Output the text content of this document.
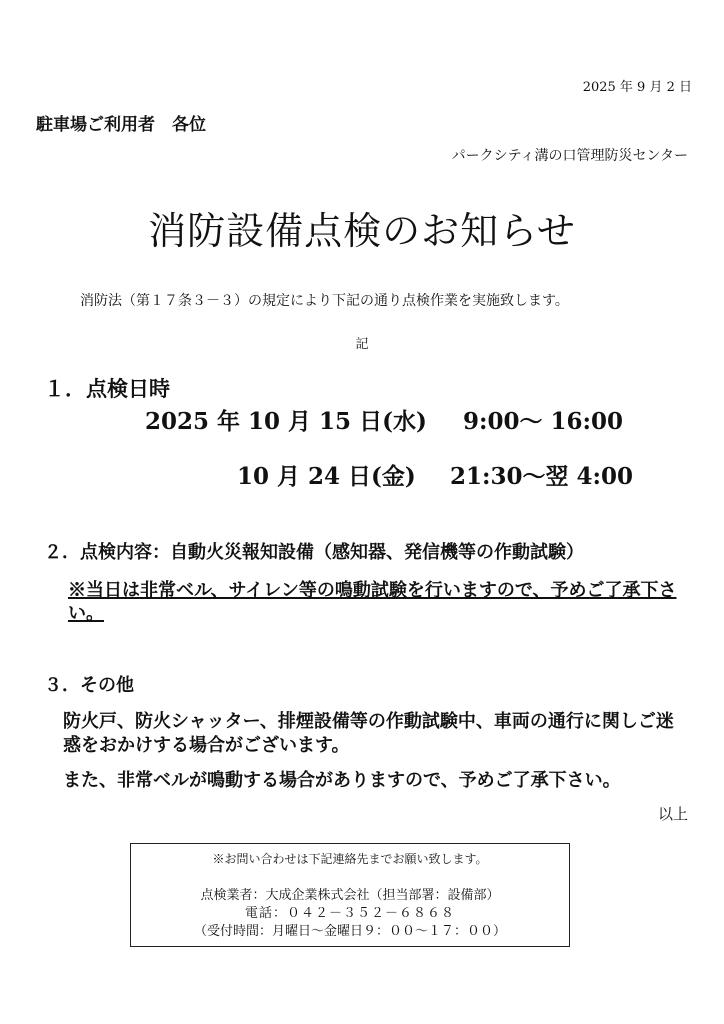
2025 年 9 月 2 日
駐車場ご利用者　各位
パークシティ溝の口管理防災センター
消防設備点検のお知らせ
消防法（第１７条３－３）の規定により下記の通り点検作業を実施致します。
記
１．点検日時
2025 年 10 月 15 日(水) 9:00～ 16:00
10 月 24 日(金) 21:30～翌 4:00
２．点検内容：自動火災報知設備（感知器、発信機等の作動試験）
※当日は非常ベル、サイレン等の鳴動試験を行いますので、予めご了承下さい。
３．その他
防火戸、防火シャッター、排煙設備等の作動試験中、車両の通行に関しご迷惑をおかけする場合がございます。
また、非常ベルが鳴動する場合がありますので、予めご了承下さい。
以上
※お問い合わせは下記連絡先までお願い致します。
点検業者：大成企業株式会社（担当部署：設備部）
電話：０４２－３５２－６８６８
（受付時間：月曜日～金曜日９：００～１７：００）
